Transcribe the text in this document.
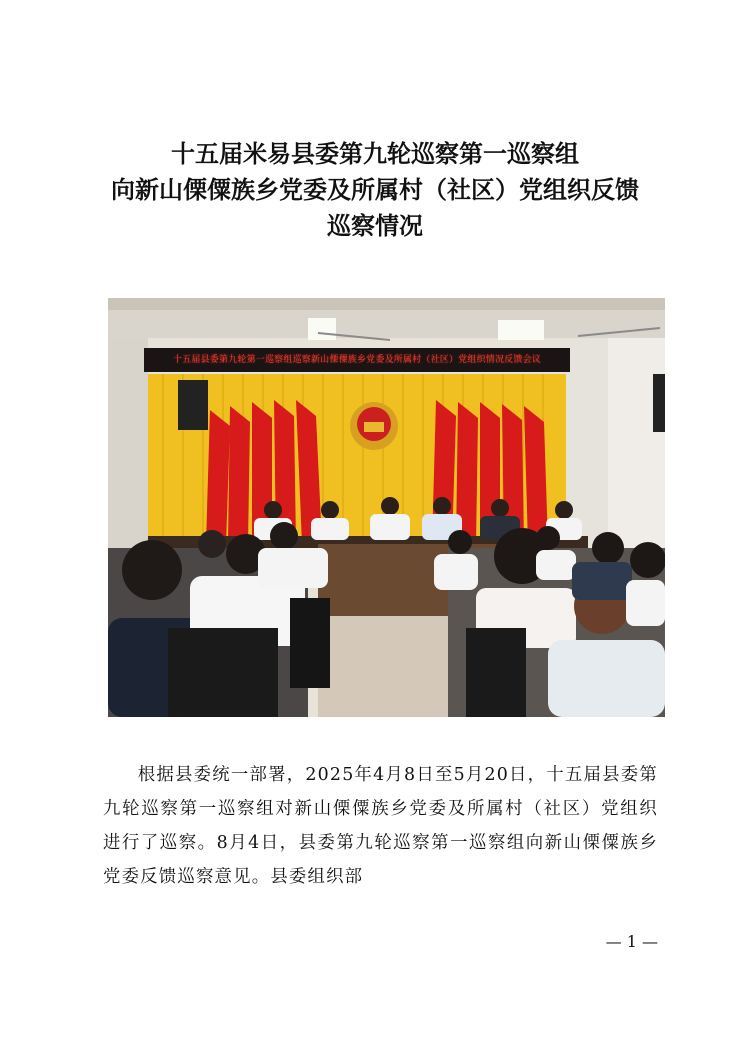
十五届米易县委第九轮巡察第一巡察组
向新山傈僳族乡党委及所属村（社区）党组织反馈
巡察情况
十五届县委第九轮第一巡察组巡察新山傈僳族乡党委及所属村（社区）党组织情况反馈会议
根据县委统一部署，2025年4月8日至5月20日，十五届县委第九轮巡察第一巡察组对新山傈僳族乡党委及所属村（社区）党组织进行了巡察。8月4日，县委第九轮巡察第一巡察组向新山傈僳族乡党委反馈巡察意见。县委组织部
— 1 —
